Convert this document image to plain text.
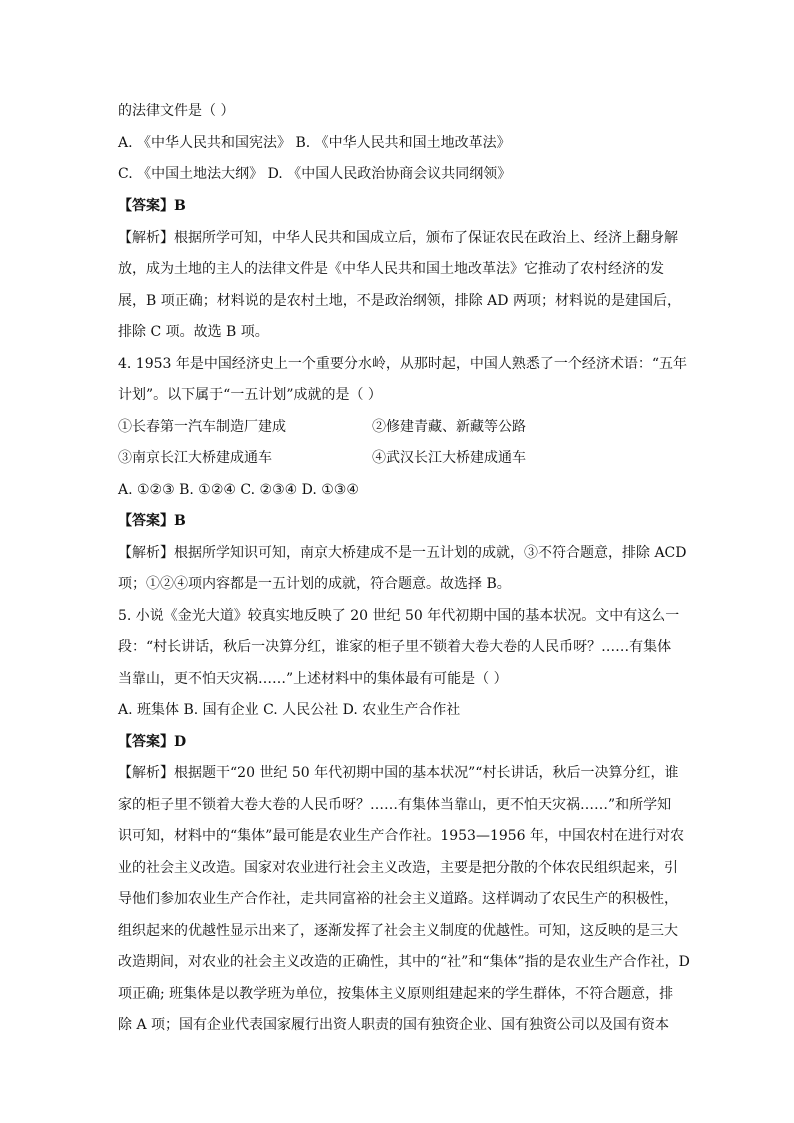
的法律文件是（ ）
A. 《中华人民共和国宪法》 B. 《中华人民共和国土地改革法》
C. 《中国土地法大纲》 D. 《中国人民政治协商会议共同纲领》
【答案】B
【解析】根据所学可知，中华人民共和国成立后，颁布了保证农民在政治上、经济上翻身解
放，成为土地的主人的法律文件是《中华人民共和国土地改革法》它推动了农村经济的发
展，B 项正确；材料说的是农村土地，不是政治纲领，排除 AD 两项；材料说的是建国后，
排除 C 项。故选 B 项。
4. 1953 年是中国经济史上一个重要分水岭，从那时起，中国人熟悉了一个经济术语：“五年
计划”。以下属于“一五计划”成就的是（ ）
①长春第一汽车制造厂建成	②修建青藏、新藏等公路
③南京长江大桥建成通车	④武汉长江大桥建成通车
A. ①②③ B. ①②④ C. ②③④ D. ①③④
【答案】B
【解析】根据所学知识可知，南京大桥建成不是一五计划的成就，③不符合题意，排除 ACD
项；①②④项内容都是一五计划的成就，符合题意。故选择 B。
5. 小说《金光大道》较真实地反映了 20 世纪 50 年代初期中国的基本状况。文中有这么一
段：“村长讲话，秋后一决算分红，谁家的柜子里不锁着大卷大卷的人民币呀？……有集体
当靠山，更不怕天灾祸……”上述材料中的集体最有可能是（ ）
A. 班集体 B. 国有企业 C. 人民公社 D. 农业生产合作社
【答案】D
【解析】根据题干“20 世纪 50 年代初期中国的基本状况”“村长讲话，秋后一决算分红，谁
家的柜子里不锁着大卷大卷的人民币呀？……有集体当靠山，更不怕天灾祸……”和所学知
识可知，材料中的“集体”最可能是农业生产合作社。1953—1956 年，中国农村在进行对农
业的社会主义改造。国家对农业进行社会主义改造，主要是把分散的个体农民组织起来，引
导他们参加农业生产合作社，走共同富裕的社会主义道路。这样调动了农民生产的积极性，
组织起来的优越性显示出来了，逐渐发挥了社会主义制度的优越性。可知，这反映的是三大
改造期间，对农业的社会主义改造的正确性，其中的“社”和“集体”指的是农业生产合作社，D
项正确; 班集体是以教学班为单位，按集体主义原则组建起来的学生群体，不符合题意，排
除 A 项；国有企业代表国家履行出资人职责的国有独资企业、国有独资公司以及国有资本
